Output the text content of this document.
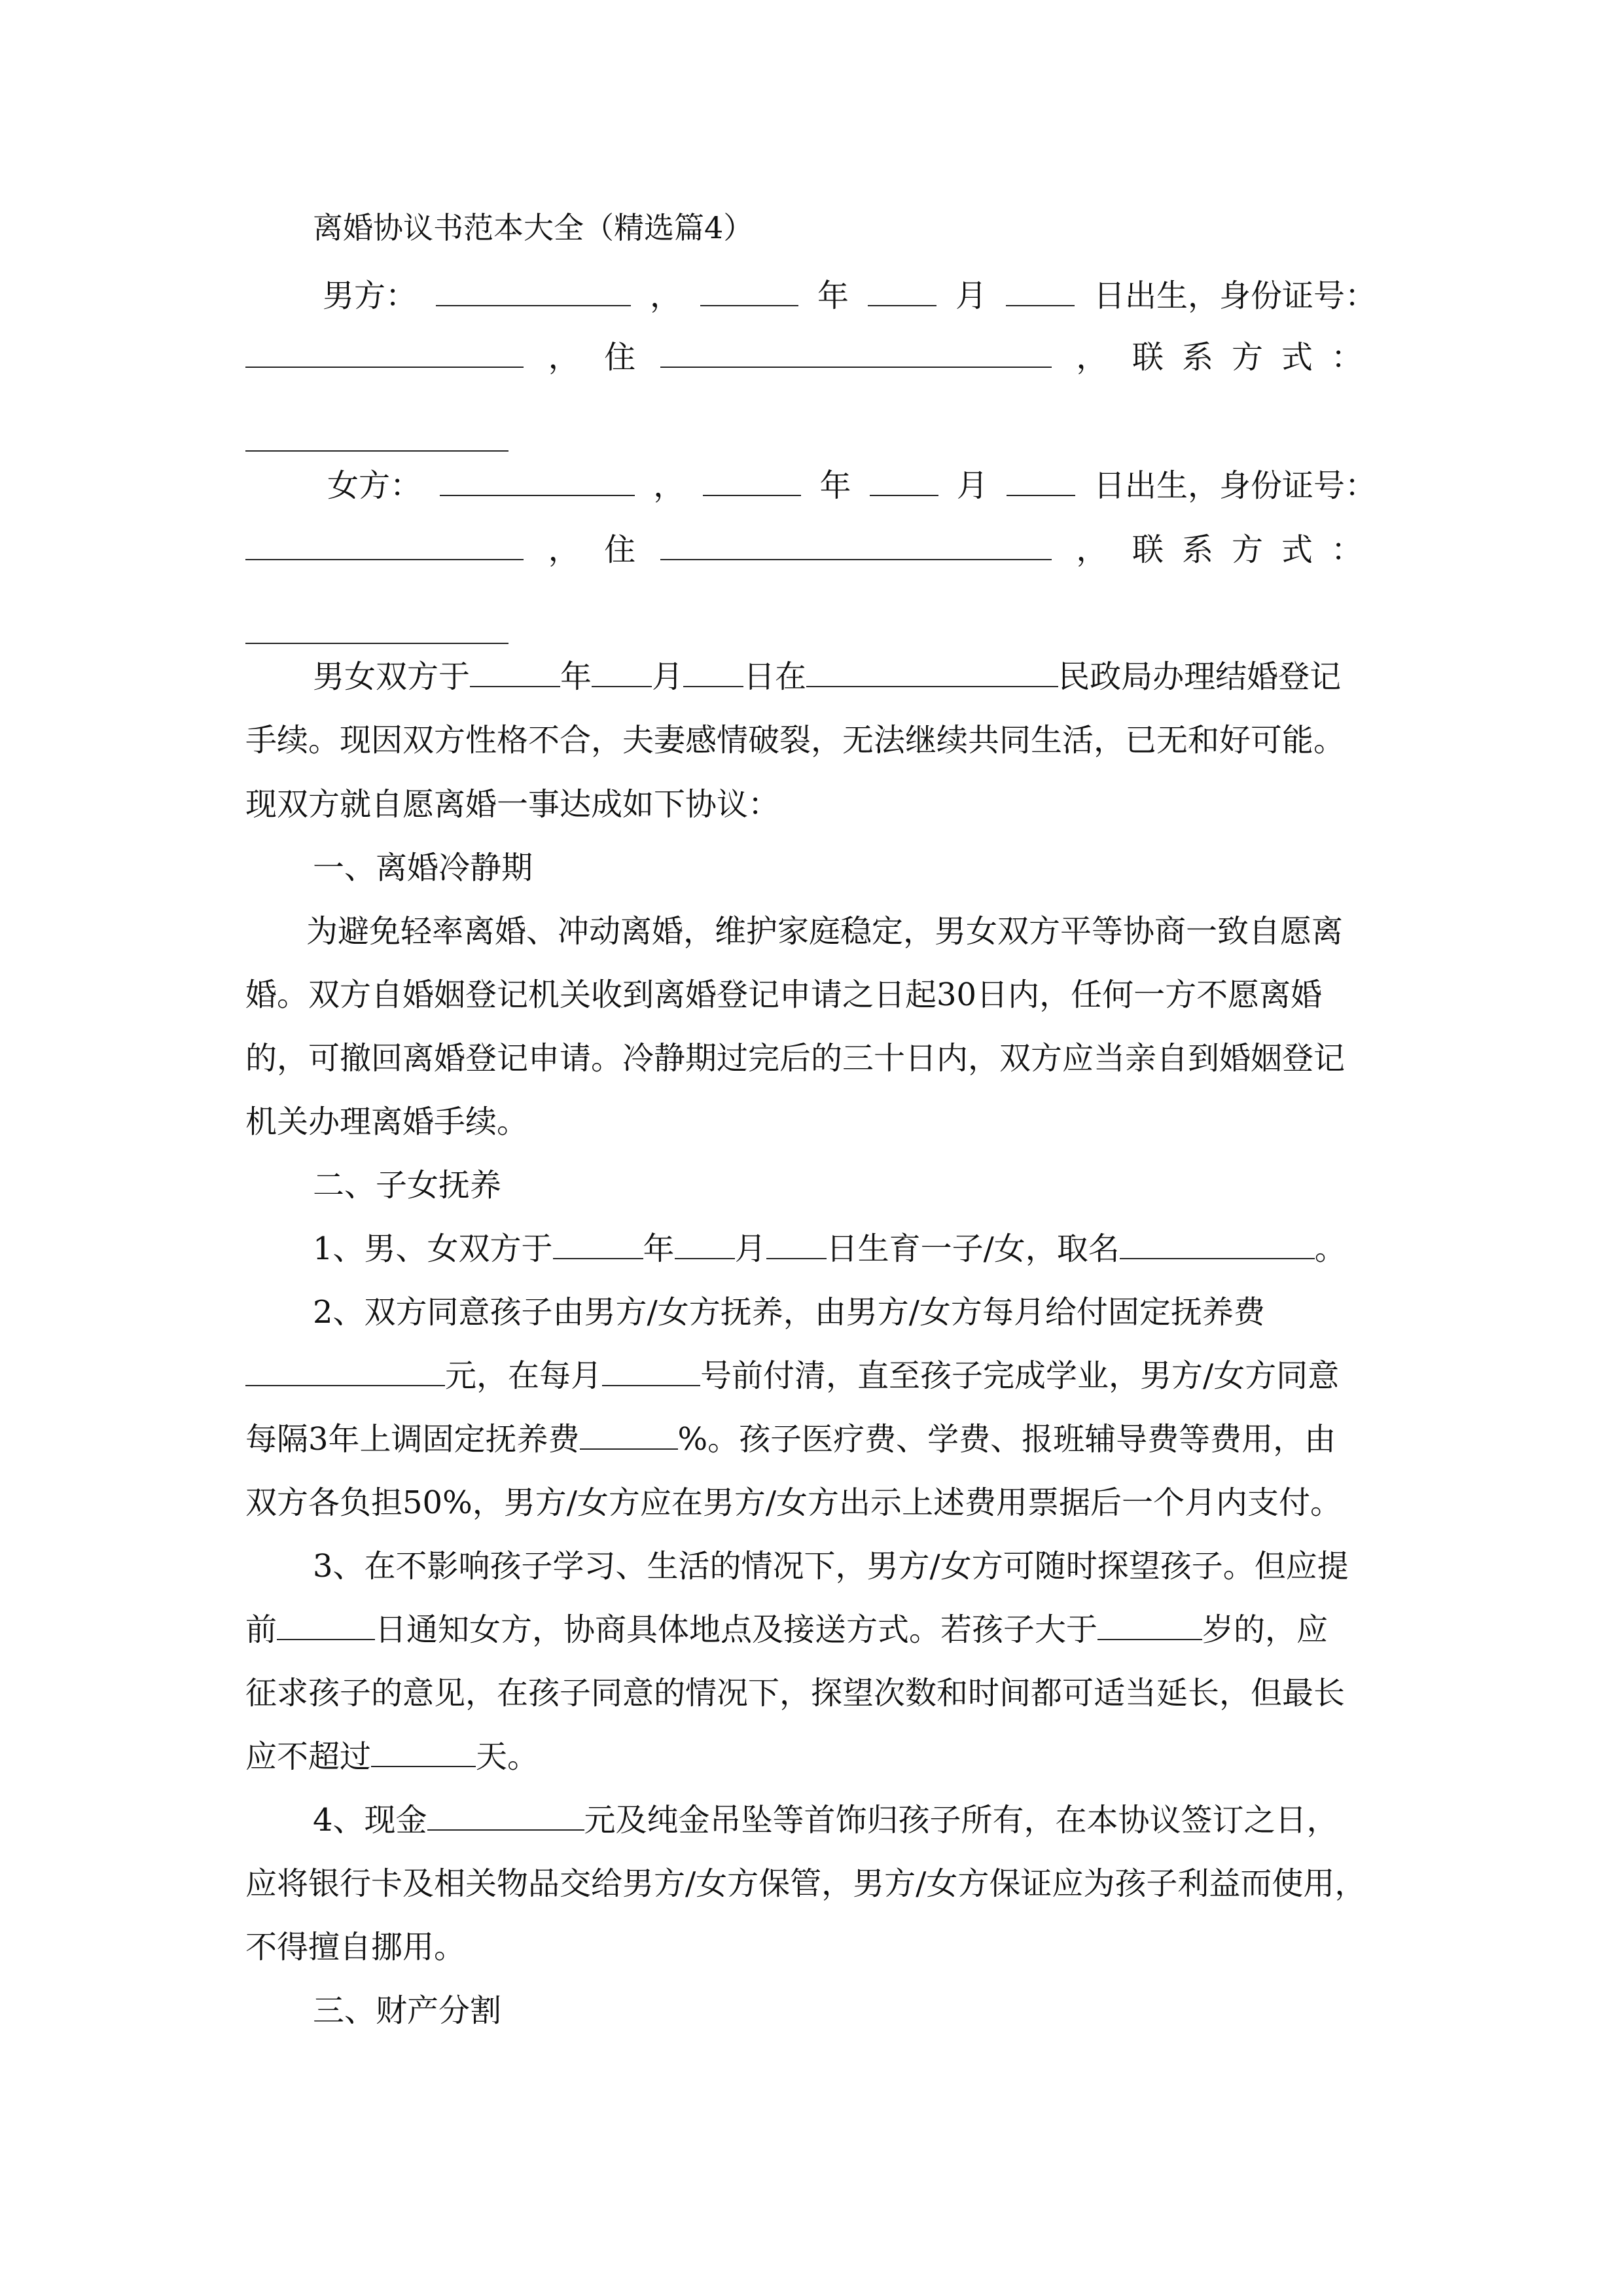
离婚协议书范本大全（精选篇4）

男方：	，	年	月	日出生，身份证号：
， 住	， 联系方式：
女方：	，	年	月	日出生，身份证号：
， 住	， 联系方式：
男女双方于	年 月 日在	民政局办理结婚登记

手续。现因双方性格不合，夫妻感情破裂，无法继续共同生活，已无和好可能。

现双方就自愿离婚一事达成如下协议：

一、离婚冷静期

为避免轻率离婚、冲动离婚，维护家庭稳定，男女双方平等协商一致自愿离

婚。双方自婚姻登记机关收到离婚登记申请之日起30日内，任何一方不愿离婚

的，可撤回离婚登记申请。冷静期过完后的三十日内，双方应当亲自到婚姻登记

机关办理离婚手续。

二、子女抚养

1、男、女双方于	年 月 日生育一子/女，取名	。

2、双方同意孩子由男方/女方抚养，由男方/女方每月给付固定抚养费

元，在每月	号前付清，直至孩子完成学业，男方/女方同意
每隔3年上调固定抚养费	%。孩子医疗费、学费、报班辅导费等费用，由

双方各负担50%，男方/女方应在男方/女方出示上述费用票据后一个月内支付。

3、在不影响孩子学习、生活的情况下，男方/女方可随时探望孩子。但应提

前	日通知女方，协商具体地点及接送方式。若孩子大于	岁的，应

征求孩子的意见，在孩子同意的情况下，探望次数和时间都可适当延长，但最长

应不超过	天。
4、现金	元及纯金吊坠等首饰归孩子所有，在本协议签订之日，

应将银行卡及相关物品交给男方/女方保管，男方/女方保证应为孩子利益而使用，

不得擅自挪用。

三、财产分割
